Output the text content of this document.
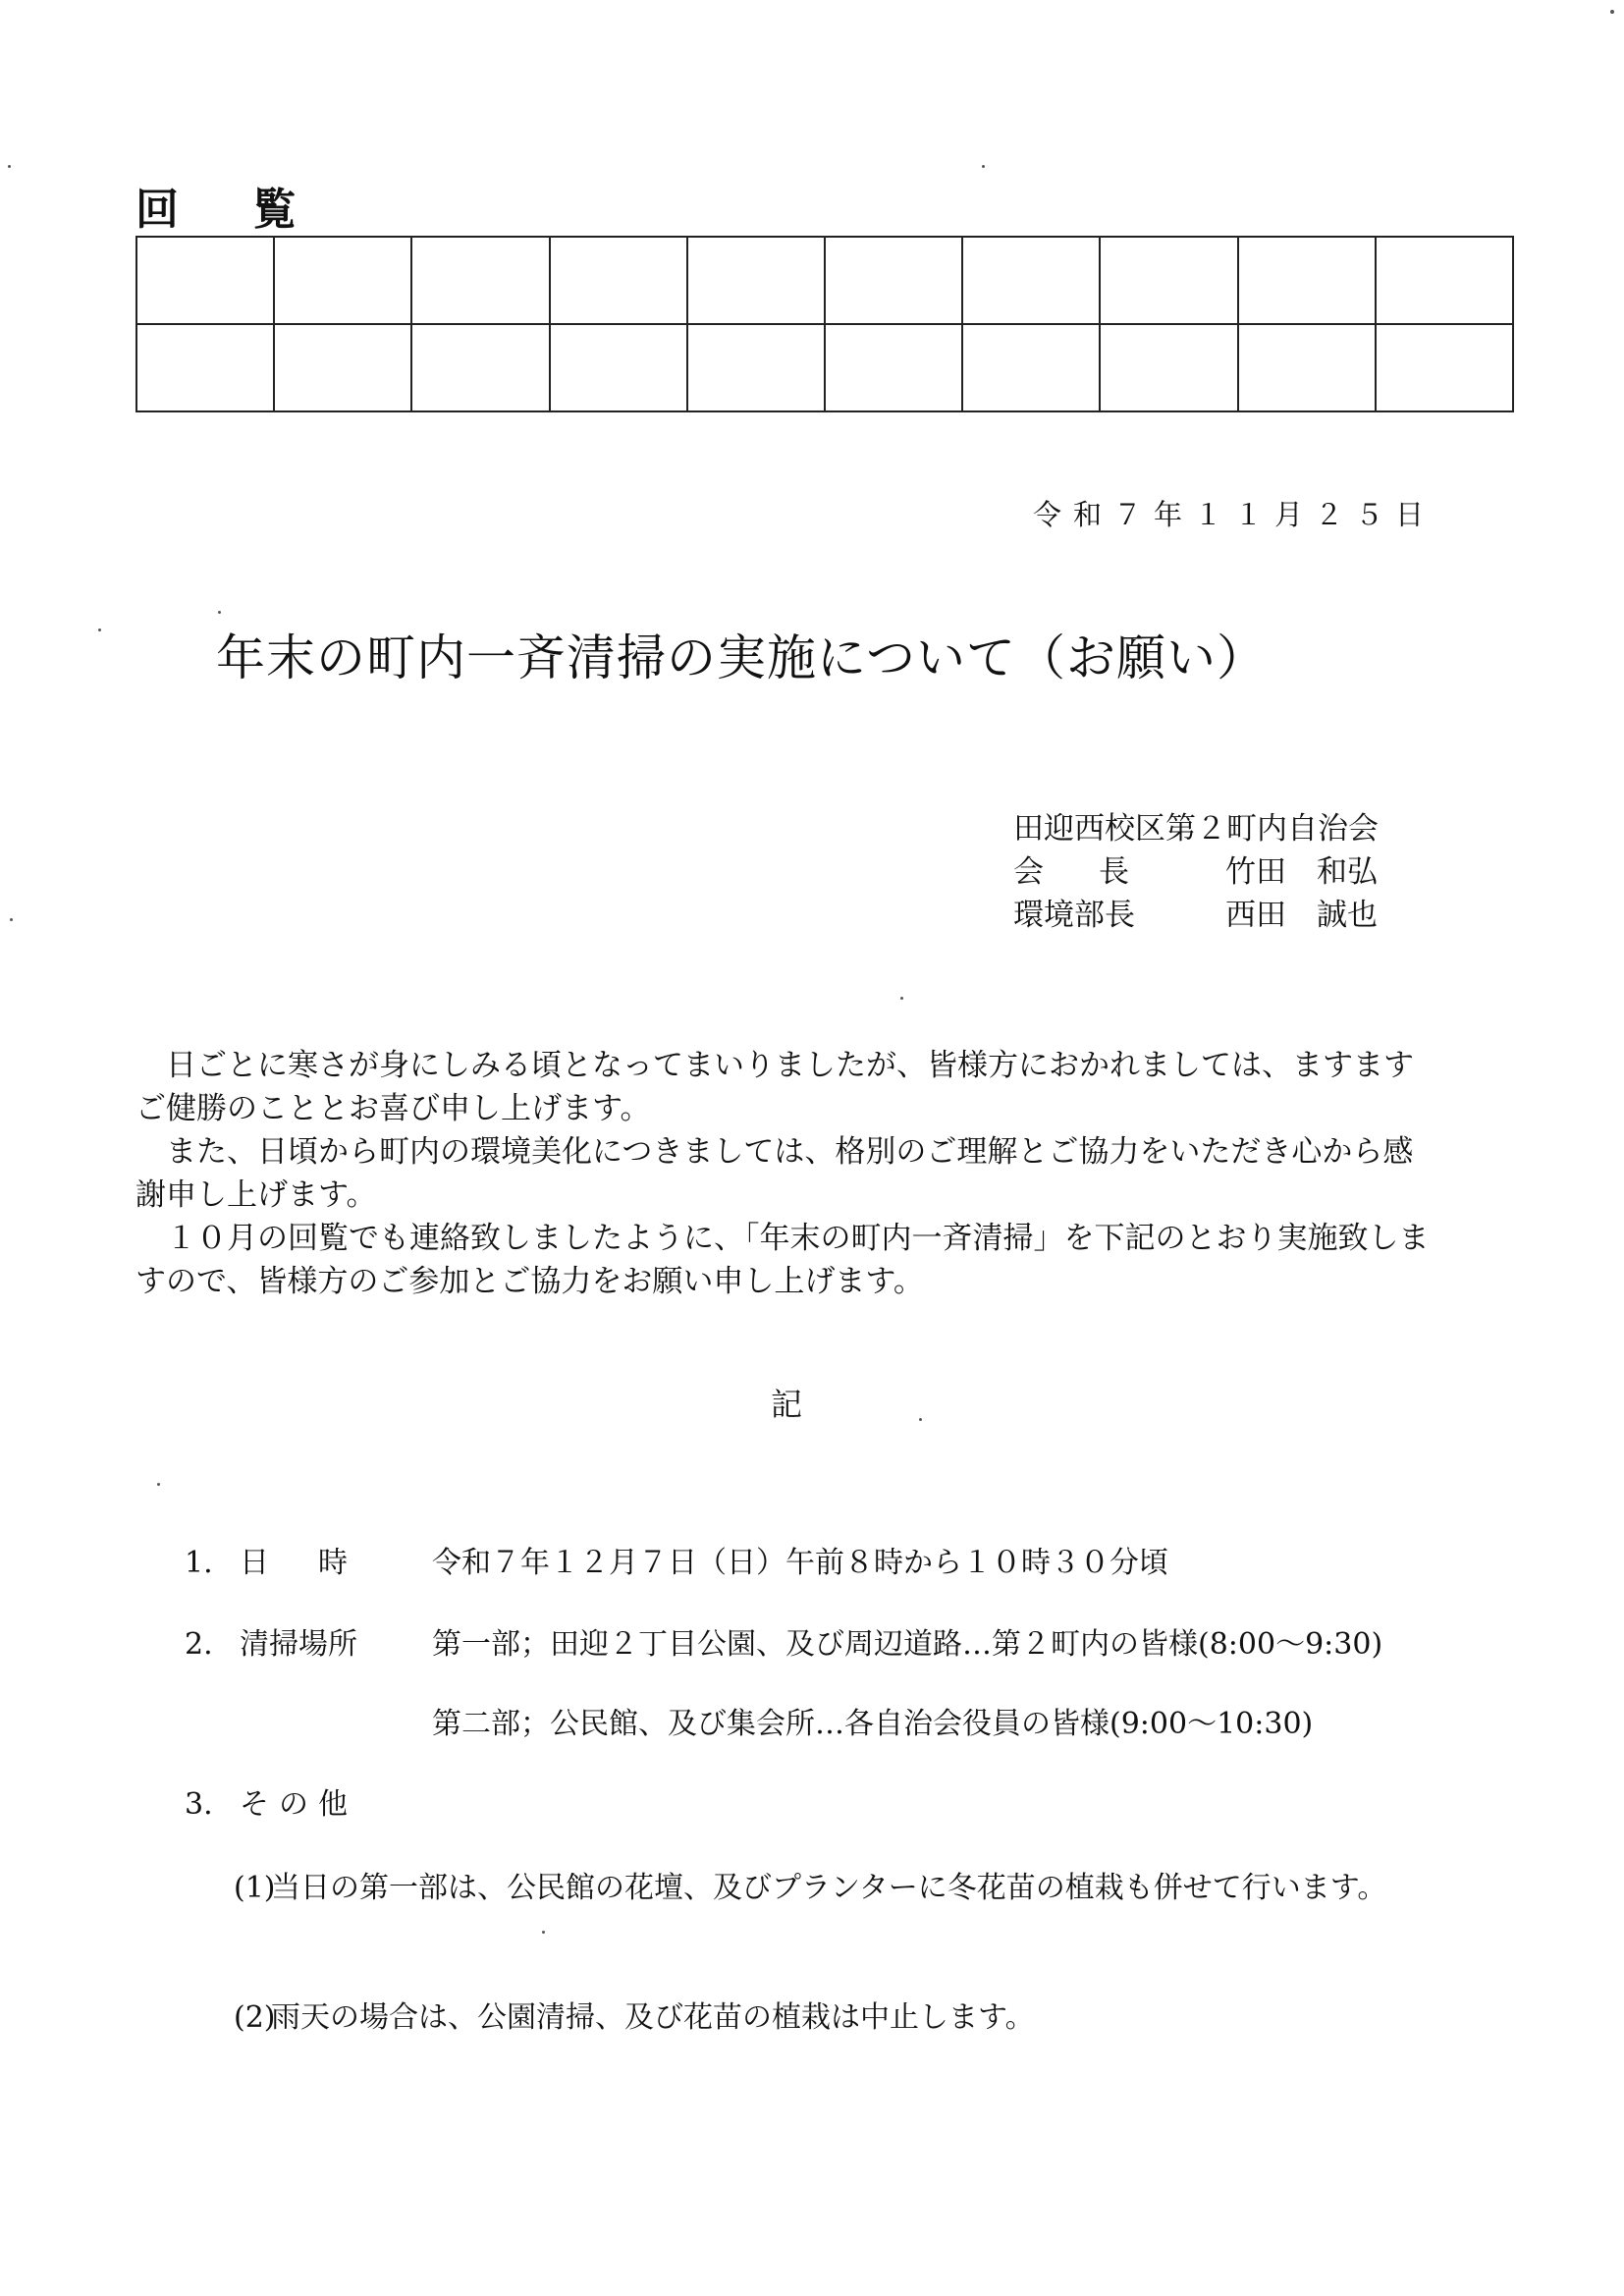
回 覧

令和７年１１月２５日
年末の町内一斉清掃の実施について（お願い）
田迎西校区第２町内自治会
会長	竹田　和弘
環境部長	西田　誠也

日ごとに寒さが身にしみる頃となってまいりましたが、皆様方におかれましては、ますますご健勝のこととお喜び申し上げます。

また、日頃から町内の環境美化につきましては、格別のご理解とご協力をいただき心から感謝申し上げます。

１０月の回覧でも連絡致しましたように、「年末の町内一斉清掃」を下記のとおり実施致しますので、皆様方のご参加とご協力をお願い申し上げます。

記
1. 日時 令和７年１２月７日（日）午前８時から１０時３０分頃
2. 清掃場所	第一部；田迎２丁目公園、及び周辺道路…第２町内の皆様(8:00～9:30)
第二部；公民館、及び集会所…各自治会役員の皆様(9:00～10:30)
3. その他
(1)
当日の第一部は、公民館の花壇、及びプランターに冬花苗の植栽も併せて行います。
(2)
雨天の場合は、公園清掃、及び花苗の植栽は中止します。
